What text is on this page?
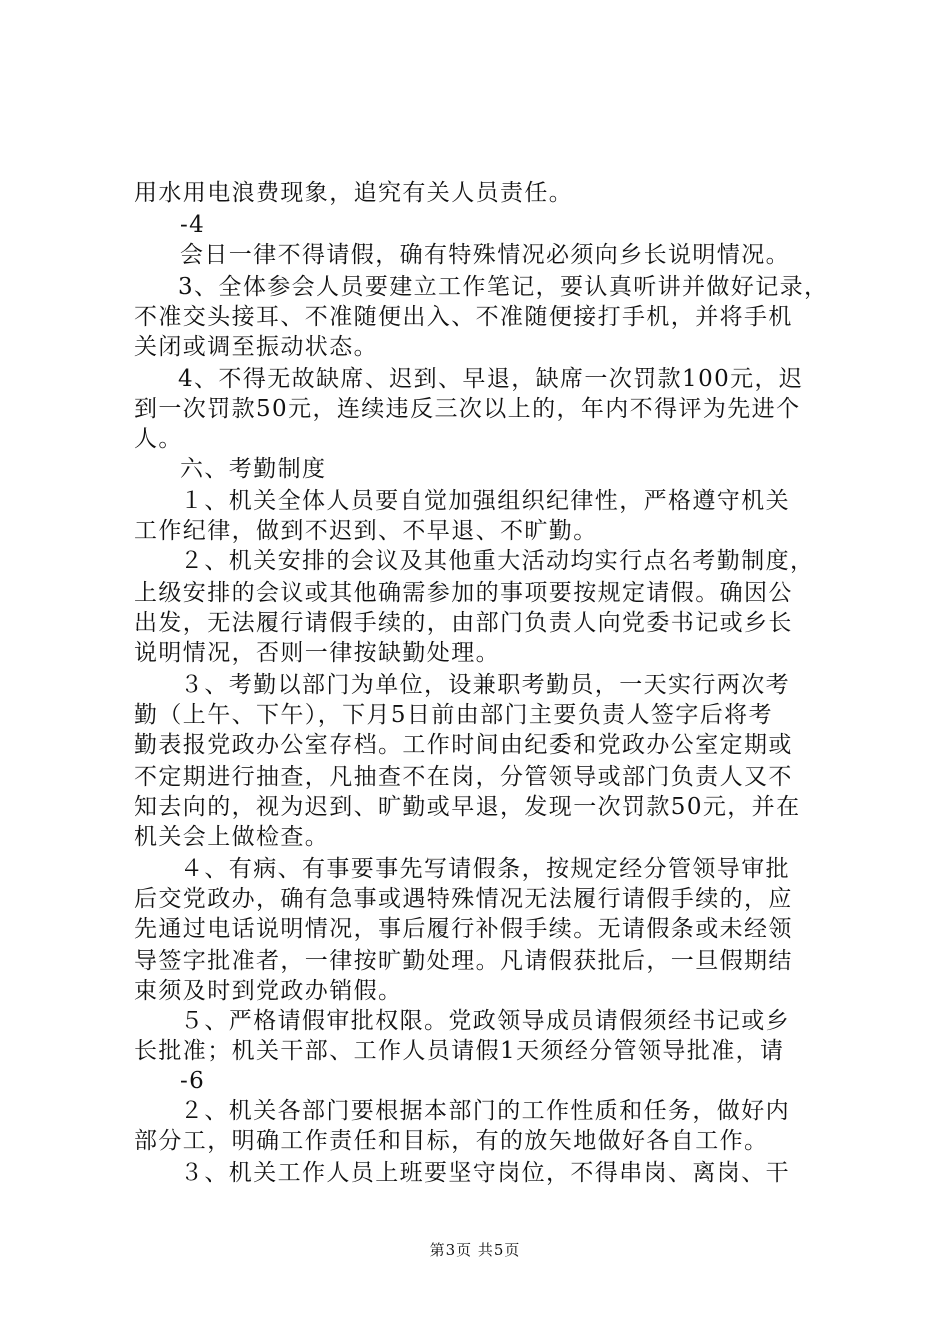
用水用电浪费现象，追究有关人员责任。
-4
会日一律不得请假，确有特殊情况必须向乡长说明情况。
3、全体参会人员要建立工作笔记，要认真听讲并做好记录，
不准交头接耳、不准随便出入、不准随便接打手机，并将手机
关闭或调至振动状态。
4、不得无故缺席、迟到、早退，缺席一次罚款100元，迟
到一次罚款50元，连续违反三次以上的，年内不得评为先进个
人。
六、考勤制度
１、机关全体人员要自觉加强组织纪律性，严格遵守机关
工作纪律，做到不迟到、不早退、不旷勤。
２、机关安排的会议及其他重大活动均实行点名考勤制度，
上级安排的会议或其他确需参加的事项要按规定请假。确因公
出发，无法履行请假手续的，由部门负责人向党委书记或乡长
说明情况，否则一律按缺勤处理。
３、考勤以部门为单位，设兼职考勤员，一天实行两次考
勤（上午、下午），下月5日前由部门主要负责人签字后将考
勤表报党政办公室存档。工作时间由纪委和党政办公室定期或
不定期进行抽查，凡抽查不在岗，分管领导或部门负责人又不
知去向的，视为迟到、旷勤或早退，发现一次罚款50元，并在
机关会上做检查。
４、有病、有事要事先写请假条，按规定经分管领导审批
后交党政办，确有急事或遇特殊情况无法履行请假手续的，应
先通过电话说明情况，事后履行补假手续。无请假条或未经领
导签字批准者，一律按旷勤处理。凡请假获批后，一旦假期结
束须及时到党政办销假。
５、严格请假审批权限。党政领导成员请假须经书记或乡
长批准；机关干部、工作人员请假1天须经分管领导批准，请
-6
２、机关各部门要根据本部门的工作性质和任务，做好内
部分工，明确工作责任和目标，有的放矢地做好各自工作。
３、机关工作人员上班要坚守岗位，不得串岗、离岗、干
第3页 共5页
